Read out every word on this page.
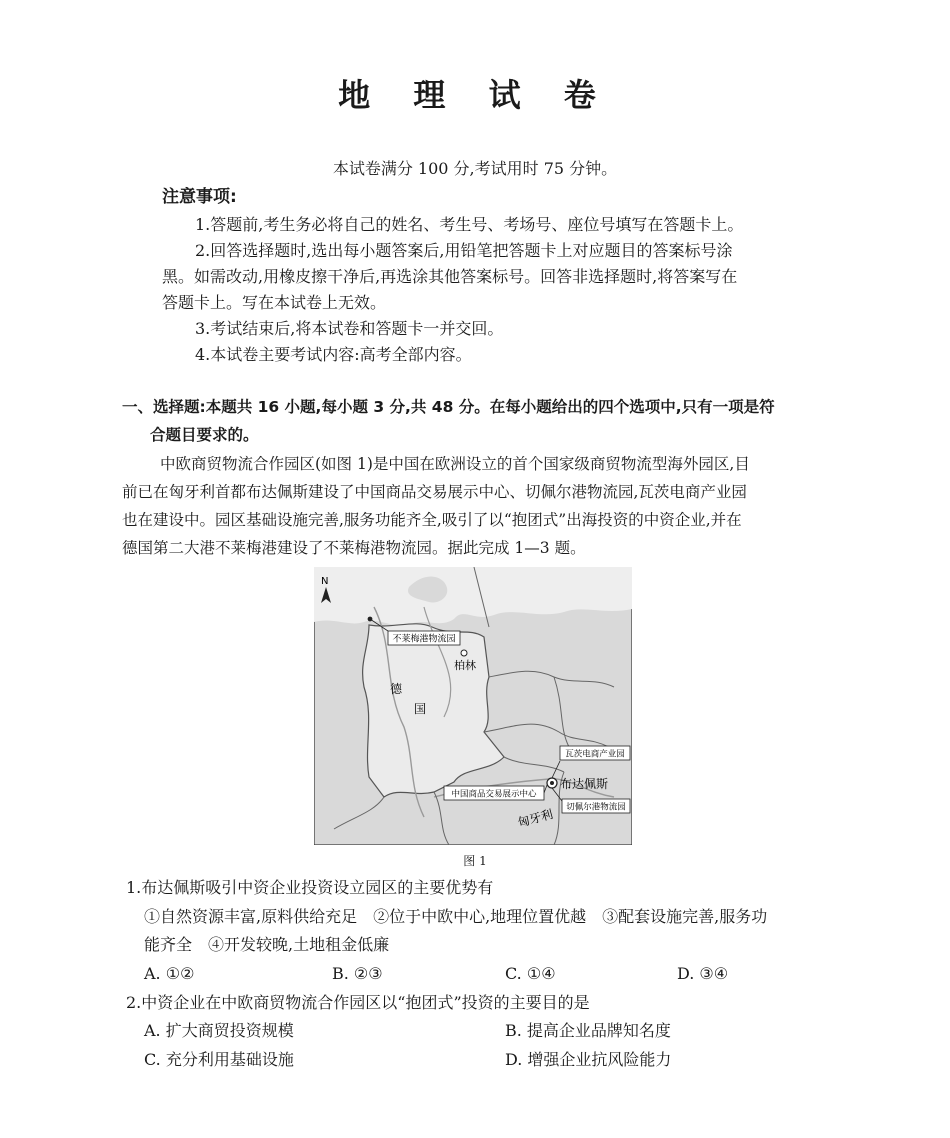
地 理 试 卷
本试卷满分 100 分,考试用时 75 分钟。
注意事项:
1.答题前,考生务必将自己的姓名、考生号、考场号、座位号填写在答题卡上。
2.回答选择题时,选出每小题答案后,用铅笔把答题卡上对应题目的答案标号涂
黑。如需改动,用橡皮擦干净后,再选涂其他答案标号。回答非选择题时,将答案写在
答题卡上。写在本试卷上无效。
3.考试结束后,将本试卷和答题卡一并交回。
4.本试卷主要考试内容:高考全部内容。
一、选择题:本题共 16 小题,每小题 3 分,共 48 分。在每小题给出的四个选项中,只有一项是符
合题目要求的。
中欧商贸物流合作园区(如图 1)是中国在欧洲设立的首个国家级商贸物流型海外园区,目
前已在匈牙利首都布达佩斯建设了中国商品交易展示中心、切佩尔港物流园,瓦茨电商产业园
也在建设中。园区基础设施完善,服务功能齐全,吸引了以“抱团式”出海投资的中资企业,并在
德国第二大港不莱梅港建设了不莱梅港物流园。据此完成 1—3 题。
N
不莱梅港物流园
柏林
德
国
布达佩斯
瓦茨电商产业园
中国商品交易展示中心
切佩尔港物流园
匈牙利
图 1
1.布达佩斯吸引中资企业投资设立园区的主要优势有
①自然资源丰富,原料供给充足　②位于中欧中心,地理位置优越　③配套设施完善,服务功
能齐全　④开发较晚,土地租金低廉
A. ①②	B. ②③	C. ①④	D. ③④
2.中资企业在中欧商贸物流合作园区以“抱团式”投资的主要目的是
A. 扩大商贸投资规模	B. 提高企业品牌知名度
C. 充分利用基础设施	D. 增强企业抗风险能力
